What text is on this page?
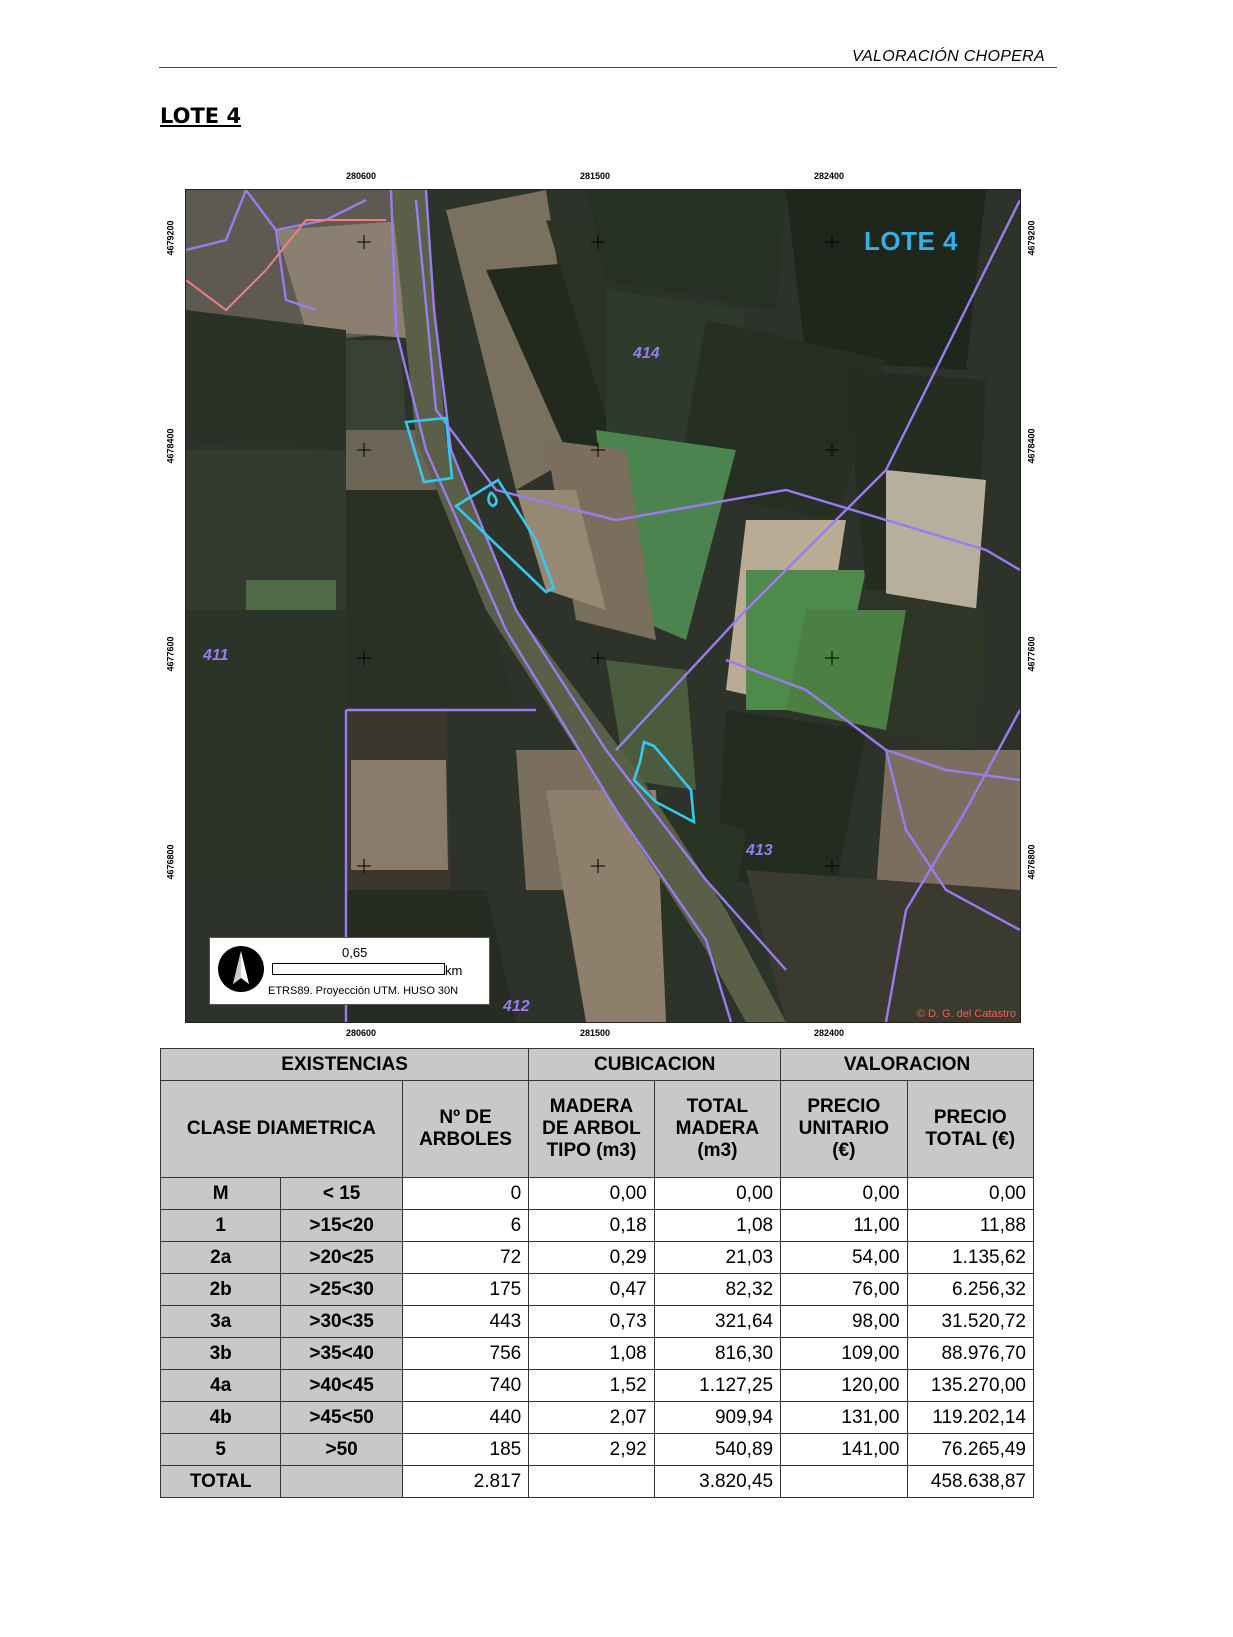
VALORACIÓN CHOPERA
LOTE 4
280600	281500	282400
280600	281500	282400
4679200
4678400
4677600
4676800
4679200
4678400
4677600
4676800
LOTE 4
414
411
413
412	© D. G. del Catastro
0,65
km
ETRS89. Proyección UTM. HUSO 30N
EXISTENCIAS			CUBICACION		VALORACION	
CLASE DIAMETRICA		Nº DE ARBOLES	MADERA DE ARBOL TIPO (m3)	TOTAL MADERA (m3)	PRECIO UNITARIO (€)	PRECIO TOTAL (€)
M	< 15	0	0,00	0,00	0,00	0,00
1	>15<20	6	0,18	1,08	11,00	11,88
2a	>20<25	72	0,29	21,03	54,00	1.135,62
2b	>25<30	175	0,47	82,32	76,00	6.256,32
3a	>30<35	443	0,73	321,64	98,00	31.520,72
3b	>35<40	756	1,08	816,30	109,00	88.976,70
4a	>40<45	740	1,52	1.127,25	120,00	135.270,00
4b	>45<50	440	2,07	909,94	131,00	119.202,14
5	>50	185	2,92	540,89	141,00	76.265,49
TOTAL		2.817		3.820,45		458.638,87
